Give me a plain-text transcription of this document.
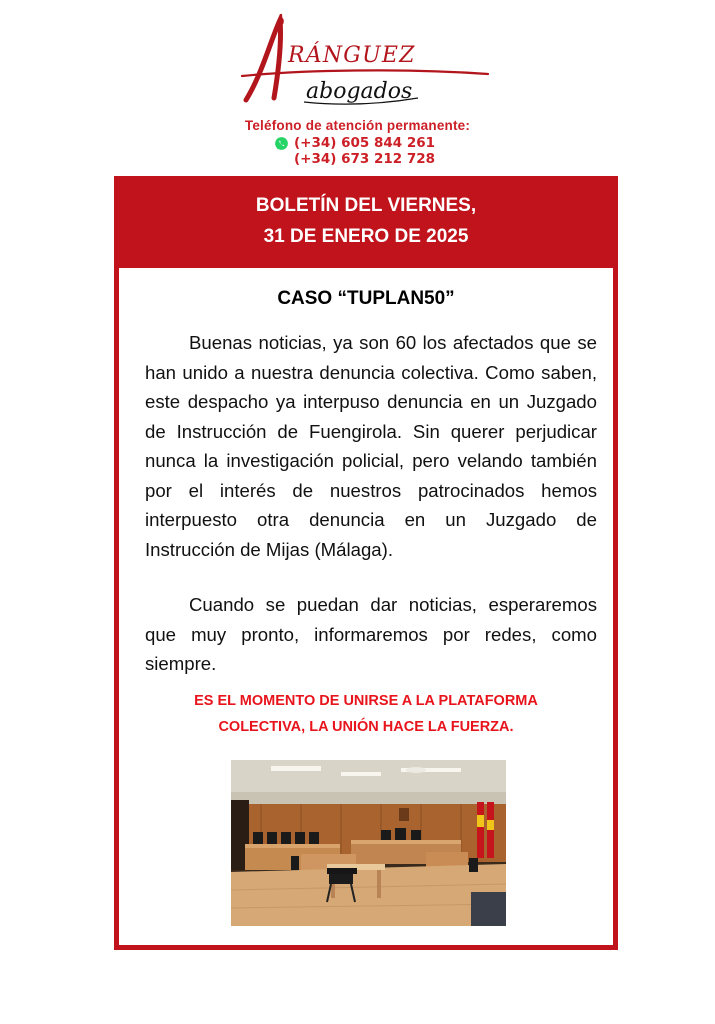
RÁNGUEZ
abogados
Teléfono de atención permanente:
(+34) 605 844 261
(+34) 673 212 728
BOLETÍN DEL VIERNES,
31 DE ENERO DE 2025
CASO “TUPLAN50”

Buenas noticias, ya son 60 los afectados que se han unido a nuestra denuncia colectiva. Como saben, este despacho ya interpuso denuncia en un Juzgado de Instrucción de Fuengirola. Sin querer perjudicar nunca la investigación policial, pero velando también por el interés de nuestros patrocinados hemos interpuesto otra denuncia en un Juzgado de Instrucción de Mijas (Málaga).

Cuando se puedan dar noticias, esperaremos que muy pronto, informaremos por redes, como siempre.

ES EL MOMENTO DE UNIRSE A LA PLATAFORMA
COLECTIVA, LA UNIÓN HACE LA FUERZA.
